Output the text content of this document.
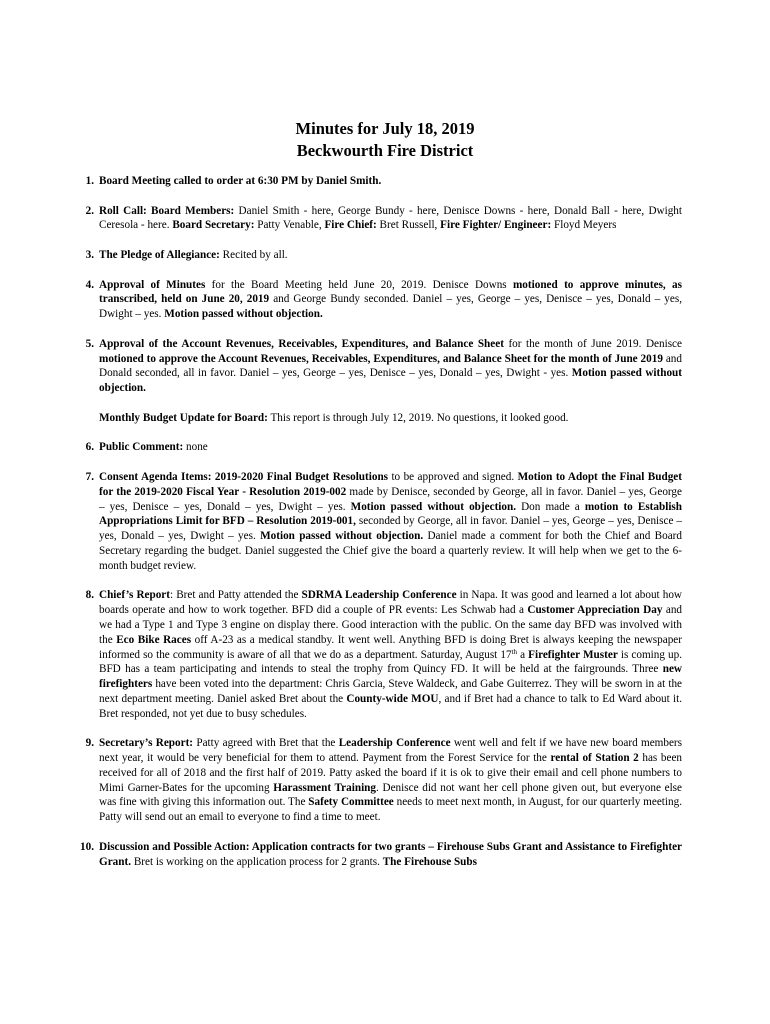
Minutes for July 18, 2019
Beckwourth Fire District
1. Board Meeting called to order at 6:30 PM by Daniel Smith.
2. Roll Call: Board Members: Daniel Smith - here, George Bundy - here, Denisce Downs - here, Donald Ball - here, Dwight Ceresola - here. Board Secretary: Patty Venable, Fire Chief: Bret Russell, Fire Fighter/ Engineer: Floyd Meyers
3. The Pledge of Allegiance: Recited by all.
4. Approval of Minutes for the Board Meeting held June 20, 2019. Denisce Downs motioned to approve minutes, as transcribed, held on June 20, 2019 and George Bundy seconded. Daniel – yes, George – yes, Denisce – yes, Donald – yes, Dwight – yes. Motion passed without objection.
5. Approval of the Account Revenues, Receivables, Expenditures, and Balance Sheet for the month of June 2019. Denisce motioned to approve the Account Revenues, Receivables, Expenditures, and Balance Sheet for the month of June 2019 and Donald seconded, all in favor. Daniel – yes, George – yes, Denisce – yes, Donald – yes, Dwight - yes. Motion passed without objection.
Monthly Budget Update for Board: This report is through July 12, 2019. No questions, it looked good.
6. Public Comment: none
7. Consent Agenda Items: 2019-2020 Final Budget Resolutions to be approved and signed. Motion to Adopt the Final Budget for the 2019-2020 Fiscal Year - Resolution 2019-002 made by Denisce, seconded by George, all in favor. Daniel – yes, George – yes, Denisce – yes, Donald – yes, Dwight – yes. Motion passed without objection. Don made a motion to Establish Appropriations Limit for BFD – Resolution 2019-001, seconded by George, all in favor. Daniel – yes, George – yes, Denisce – yes, Donald – yes, Dwight – yes. Motion passed without objection. Daniel made a comment for both the Chief and Board Secretary regarding the budget. Daniel suggested the Chief give the board a quarterly review. It will help when we get to the 6-month budget review.
8. Chief’s Report: Bret and Patty attended the SDRMA Leadership Conference in Napa. It was good and learned a lot about how boards operate and how to work together. BFD did a couple of PR events: Les Schwab had a Customer Appreciation Day and we had a Type 1 and Type 3 engine on display there. Good interaction with the public. On the same day BFD was involved with the Eco Bike Races off A-23 as a medical standby. It went well. Anything BFD is doing Bret is always keeping the newspaper informed so the community is aware of all that we do as a department. Saturday, August 17th a Firefighter Muster is coming up. BFD has a team participating and intends to steal the trophy from Quincy FD. It will be held at the fairgrounds. Three new firefighters have been voted into the department: Chris Garcia, Steve Waldeck, and Gabe Guiterrez. They will be sworn in at the next department meeting. Daniel asked Bret about the County-wide MOU, and if Bret had a chance to talk to Ed Ward about it. Bret responded, not yet due to busy schedules.
9. Secretary’s Report: Patty agreed with Bret that the Leadership Conference went well and felt if we have new board members next year, it would be very beneficial for them to attend. Payment from the Forest Service for the rental of Station 2 has been received for all of 2018 and the first half of 2019. Patty asked the board if it is ok to give their email and cell phone numbers to Mimi Garner-Bates for the upcoming Harassment Training. Denisce did not want her cell phone given out, but everyone else was fine with giving this information out. The Safety Committee needs to meet next month, in August, for our quarterly meeting. Patty will send out an email to everyone to find a time to meet.
10. Discussion and Possible Action: Application contracts for two grants – Firehouse Subs Grant and Assistance to Firefighter Grant. Bret is working on the application process for 2 grants. The Firehouse Subs
